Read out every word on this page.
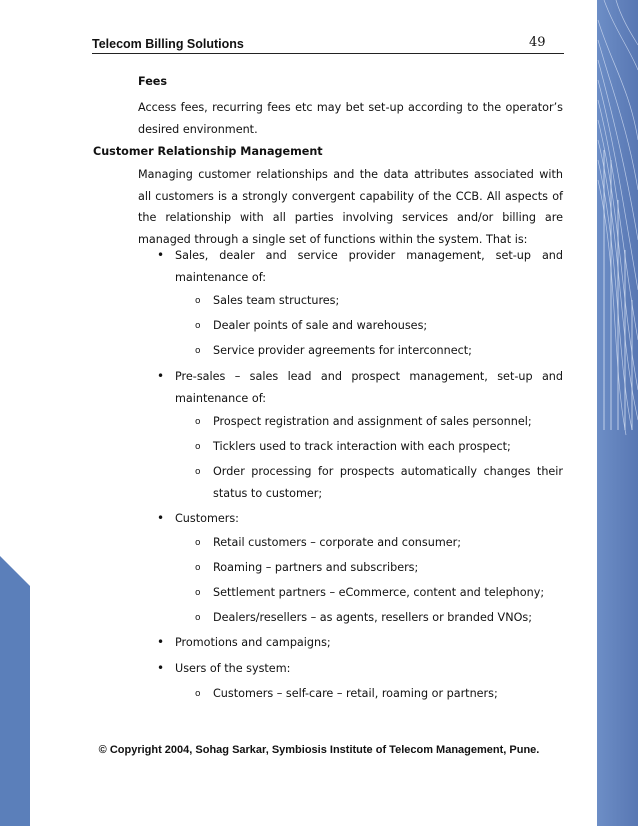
Telecom Billing Solutions	49
Fees
Access fees, recurring fees etc may bet set-up according to the operator’s desired environment.
Customer Relationship Management
Managing customer relationships and the data attributes associated with all customers is a strongly convergent capability of the CCB. All aspects of the relationship with all parties involving services and/or billing are managed through a single set of functions within the system. That is:
• Sales, dealer and service provider management, set-up and maintenance of:
o Sales team structures;
o Dealer points of sale and warehouses;
o Service provider agreements for interconnect;
• Pre-sales – sales lead and prospect management, set-up and maintenance of:
o Prospect registration and assignment of sales personnel;
o Ticklers used to track interaction with each prospect;
o Order processing for prospects automatically changes their status to customer;
• Customers:
o Retail customers – corporate and consumer;
o Roaming – partners and subscribers;
o Settlement partners – eCommerce, content and telephony;
o Dealers/resellers – as agents, resellers or branded VNOs;
• Promotions and campaigns;
• Users of the system:
o Customers – self-care – retail, roaming or partners;
© Copyright 2004, Sohag Sarkar, Symbiosis Institute of Telecom Management, Pune.
